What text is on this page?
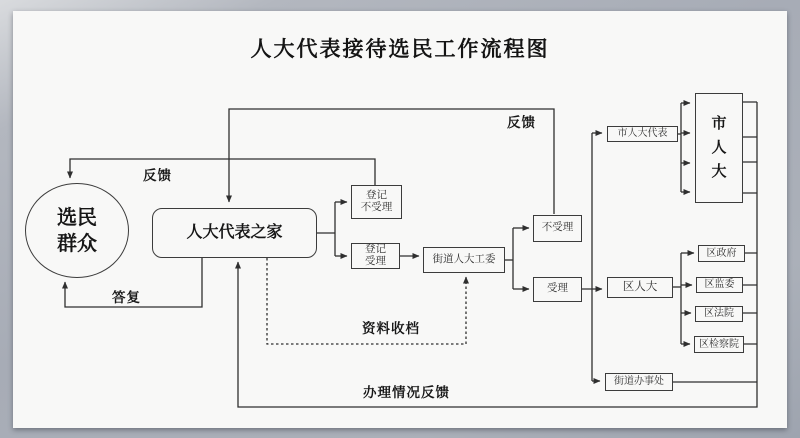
人大代表接待选民工作流程图
选民
群众
人大代表之家
登记
不受理
登记
受理	街道人大工委
不受理
受理
市人大代表
市人大
区人大
区政府
区监委
区法院
区检察院
街道办事处
反馈
反馈
答复
资料收档
办理情况反馈
